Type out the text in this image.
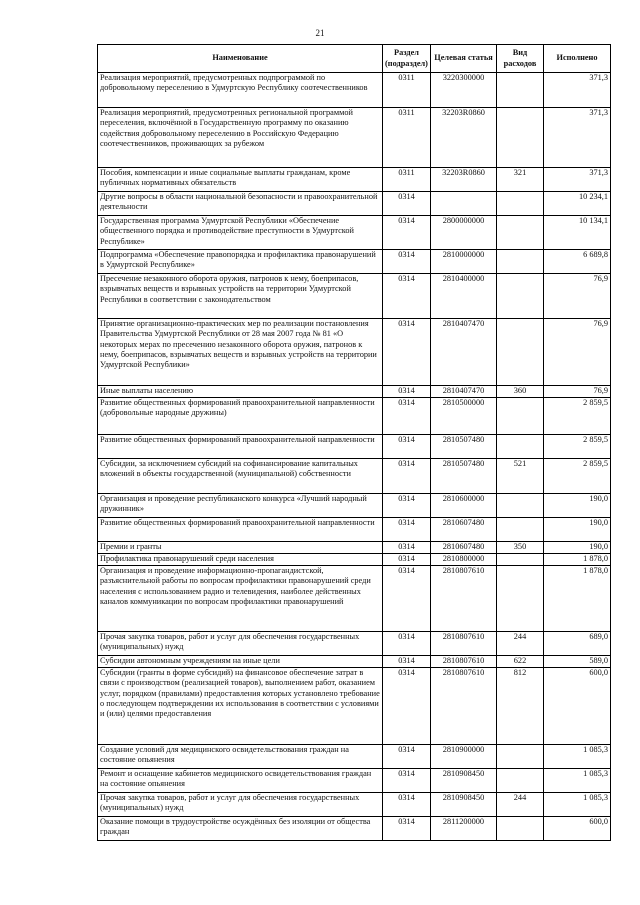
21
Наименование	Раздел (подраздел)	Целевая статья	Вид расходов	Исполнено
Реализация мероприятий, предусмотренных подпрограммой по добровольному переселению в Удмуртскую Республику соотечественников	0311	3220300000		371,3
Реализация мероприятий, предусмотренных региональной программой переселения, включённой в Государственную программу по оказанию содействия добровольному переселению в Российскую Федерацию соотечественников, проживающих за рубежом	0311	32203R0860		371,3
Пособия, компенсации и иные социальные выплаты гражданам, кроме публичных нормативных обязательств	0311	32203R0860	321	371,3
Другие вопросы в области национальной безопасности и правоохранительной деятельности	0314			10 234,1
Государственная программа Удмуртской Республики «Обеспечение общественного порядка и противодействие преступности в Удмуртской Республике»	0314	2800000000		10 134,1
Подпрограмма «Обеспечение правопорядка и профилактика правонарушений в Удмуртской Республике»	0314	2810000000		6 689,8
Пресечение незаконного оборота оружия, патронов к нему, боеприпасов, взрывчатых веществ и взрывных устройств на территории Удмуртской Республики в соответствии с законодательством	0314	2810400000		76,9
Принятие организационно-практических мер по реализации постановления Правительства Удмуртской Республики от 28 мая 2007 года № 81 «О некоторых мерах по пресечению незаконного оборота оружия, патронов к нему, боеприпасов, взрывчатых веществ и взрывных устройств на территории Удмуртской Республики»	0314	2810407470		76,9
Иные выплаты населению	0314	2810407470	360	76,9
Развитие общественных формирований правоохранительной направленности (добровольные народные дружины)	0314	2810500000		2 859,5
Развитие общественных формирований правоохранительной направленности	0314	2810507480		2 859,5
Субсидии, за исключением субсидий на софинансирование капитальных вложений в объекты государственной (муниципальной) собственности	0314	2810507480	521	2 859,5
Организация и проведение республиканского конкурса «Лучший народный дружинник»	0314	2810600000		190,0
Развитие общественных формирований правоохранительной направленности	0314	2810607480		190,0
Премии и гранты	0314	2810607480	350	190,0
Профилактика правонарушений среди населения	0314	2810800000		1 878,0
Организация и проведение информационно-пропагандистской, разъяснительной работы по вопросам профилактики правонарушений среди населения с использованием радио и телевидения, наиболее действенных каналов коммуникации по вопросам профилактики правонарушений	0314	2810807610		1 878,0
Прочая закупка товаров, работ и услуг для обеспечения государственных (муниципальных) нужд	0314	2810807610	244	689,0
Субсидии автономным учреждениям на иные цели	0314	2810807610	622	589,0
Субсидии (гранты в форме субсидий) на финансовое обеспечение затрат в связи с производством (реализацией товаров), выполнением работ, оказанием услуг, порядком (правилами) предоставления которых установлено требование о последующем подтверждении их использования в соответствии с условиями и (или) целями предоставления	0314	2810807610	812	600,0
Создание условий для медицинского освидетельствования граждан на состояние опьянения	0314	2810900000		1 085,3
Ремонт и оснащение кабинетов медицинского освидетельствования граждан на состояние опьянения	0314	2810908450		1 085,3
Прочая закупка товаров, работ и услуг для обеспечения государственных (муниципальных) нужд	0314	2810908450	244	1 085,3
Оказание помощи в трудоустройстве осуждённых без изоляции от общества граждан	0314	2811200000		600,0
